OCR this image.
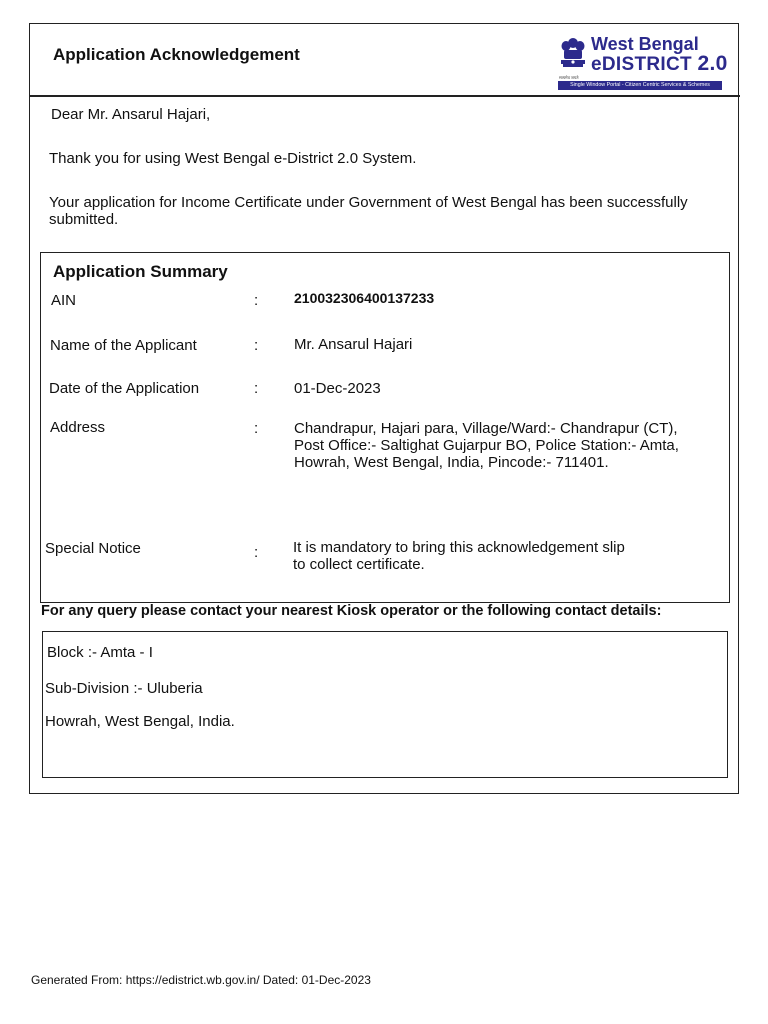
Application Acknowledgement
West Bengal
eDISTRICT 2.0
सत्यमेव जयते
Single Window Portal - Citizen Centric Services & Schemes
Dear Mr. Ansarul Hajari,
Thank you for using West Bengal e-District 2.0 System.
Your application for Income Certificate under Government of West Bengal has been successfully
submitted.
Application Summary
AIN	:	210032306400137233
Name of the Applicant	: Mr. Ansarul Hajari
Date of the Application	: 01-Dec-2023
Address	: Chandrapur, Hajari para, Village/Ward:- Chandrapur (CT),
Post Office:- Saltighat Gujarpur BO, Police Station:- Amta,
Howrah, West Bengal, India, Pincode:- 711401.
Special Notice	: It is mandatory to bring this acknowledgement slip
to collect certificate.
For any query please contact your nearest Kiosk operator or the following contact details:
Block :- Amta - I
Sub-Division :- Uluberia
Howrah, West Bengal, India.
Generated From: https://edistrict.wb.gov.in/ Dated: 01-Dec-2023
